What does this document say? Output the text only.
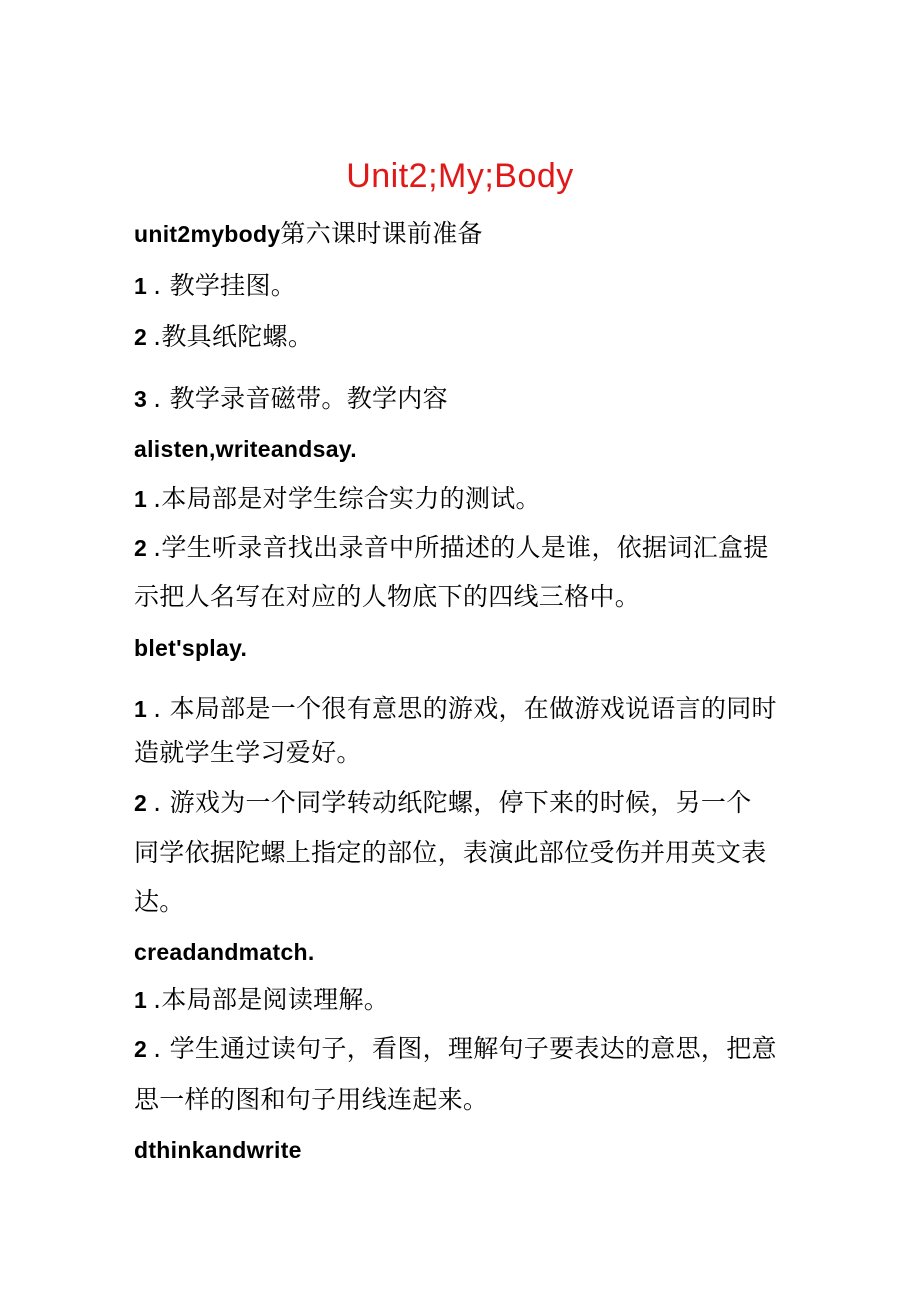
Unit2;My;Body
unit2mybody第六课时课前准备
1 . 教学挂图。
2 .教具纸陀螺。
3 . 教学录音磁带。教学内容
alisten,writeandsay.
1 .本局部是对学生综合实力的测试。
2 .学生听录音找出录音中所描述的人是谁，依据词汇盒提
示把人名写在对应的人物底下的四线三格中。
blet'splay.
1 . 本局部是一个很有意思的游戏，在做游戏说语言的同时
造就学生学习爱好。
2 . 游戏为一个同学转动纸陀螺，停下来的时候，另一个
同学依据陀螺上指定的部位，表演此部位受伤并用英文表
达。
creadandmatch.
1 .本局部是阅读理解。
2 . 学生通过读句子，看图，理解句子要表达的意思，把意
思一样的图和句子用线连起来。
dthinkandwrite
